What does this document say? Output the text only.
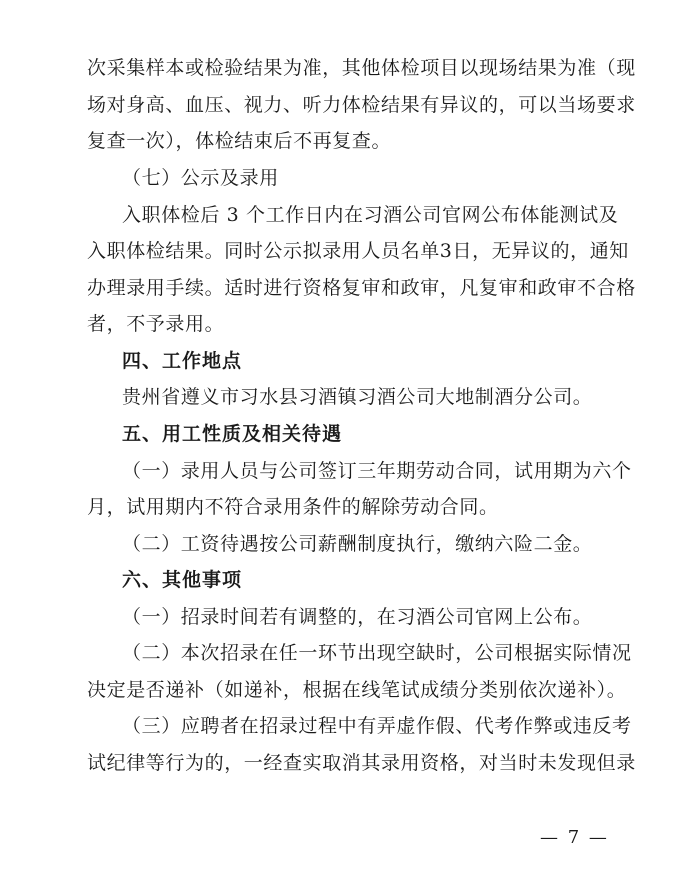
次采集样本或检验结果为准，其他体检项目以现场结果为准（现
场对身高、血压、视力、听力体检结果有异议的，可以当场要求
复查一次），体检结束后不再复查。
（七）公示及录用
入职体检后 3 个工作日内在习酒公司官网公布体能测试及
入职体检结果。同时公示拟录用人员名单3日，无异议的，通知
办理录用手续。适时进行资格复审和政审，凡复审和政审不合格
者，不予录用。
四、工作地点
贵州省遵义市习水县习酒镇习酒公司大地制酒分公司。
五、用工性质及相关待遇
（一）录用人员与公司签订三年期劳动合同，试用期为六个
月，试用期内不符合录用条件的解除劳动合同。
（二）工资待遇按公司薪酬制度执行，缴纳六险二金。
六、其他事项
（一）招录时间若有调整的，在习酒公司官网上公布。
（二）本次招录在任一环节出现空缺时，公司根据实际情况
决定是否递补（如递补，根据在线笔试成绩分类别依次递补）。
（三）应聘者在招录过程中有弄虚作假、代考作弊或违反考
试纪律等行为的，一经查实取消其录用资格，对当时未发现但录
— 7 —
